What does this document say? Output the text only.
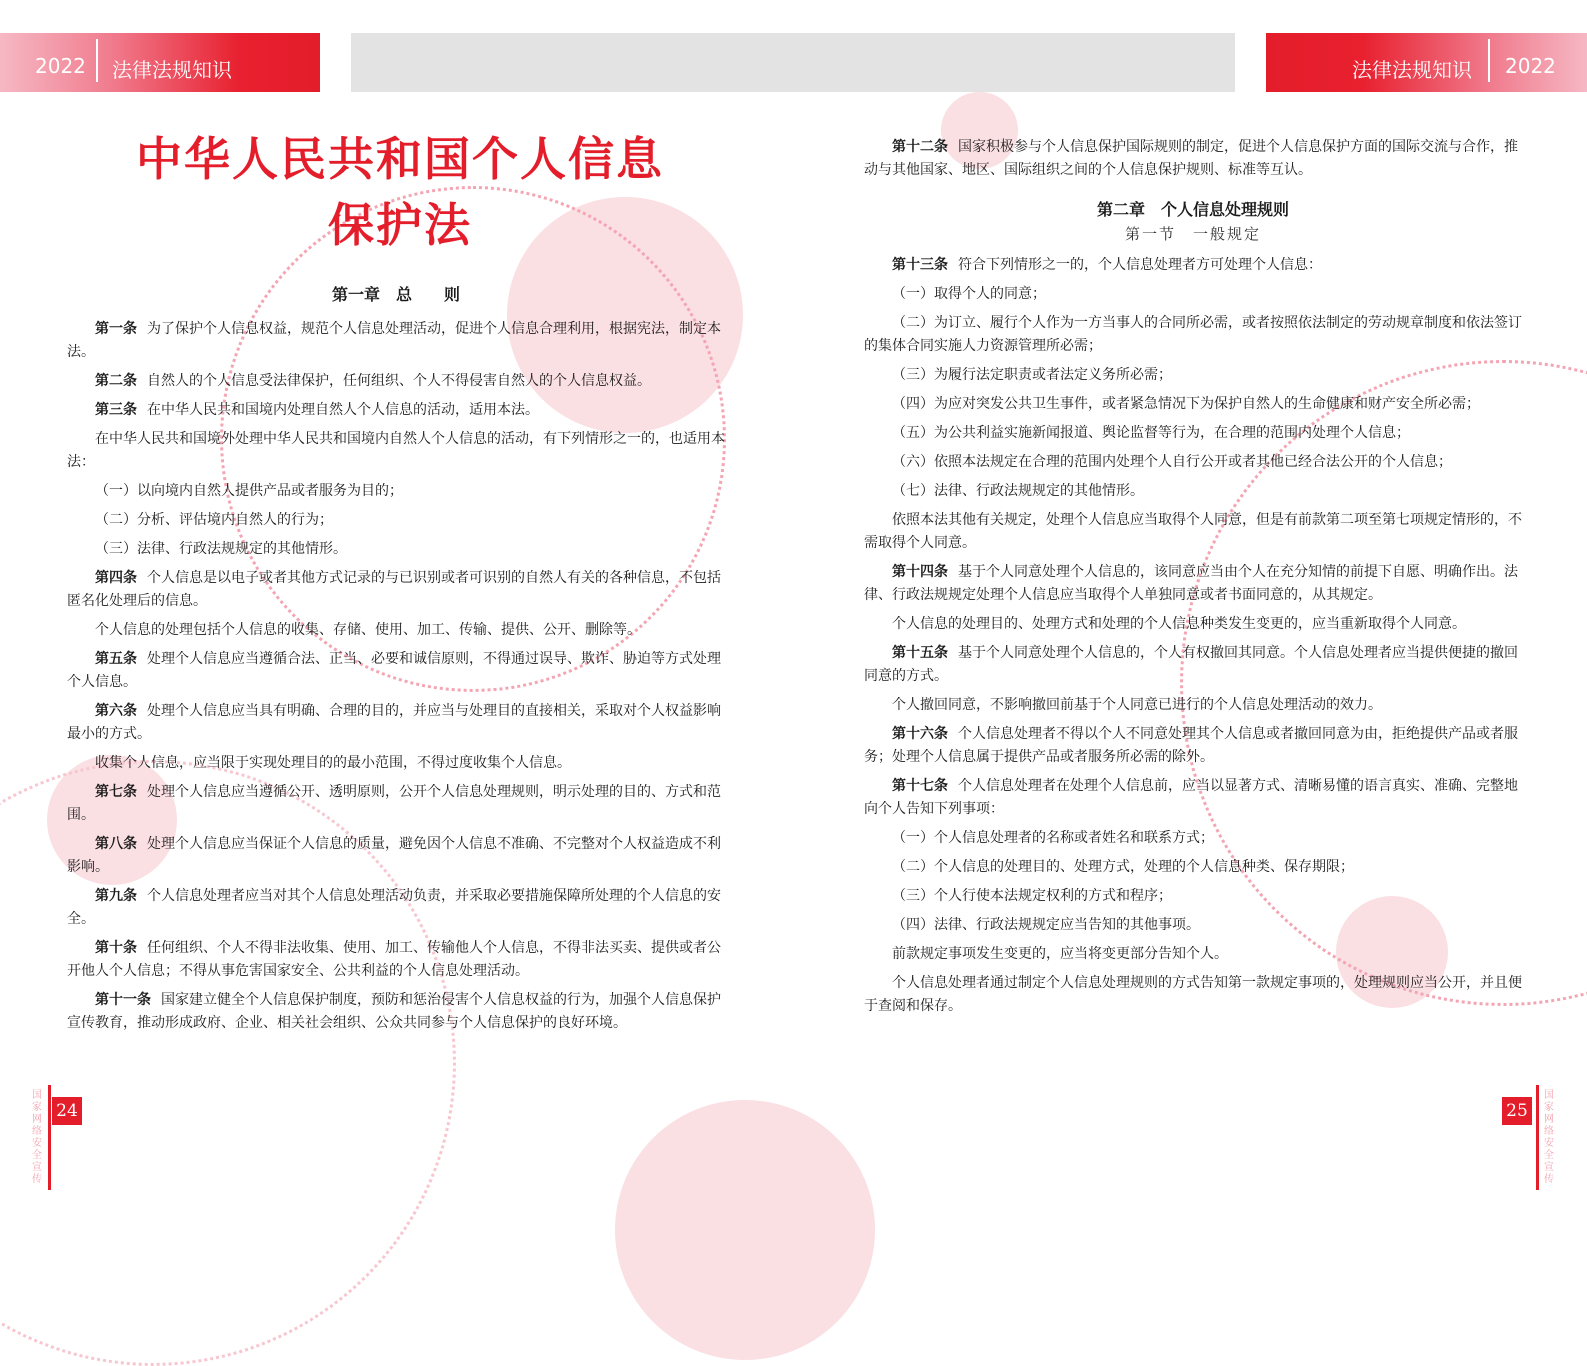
2022 法律法规知识	法律法规知识 2022
中华人民共和国个人信息
保护法
第一章　总　　则

第一条 为了保护个人信息权益，规范个人信息处理活动，促进个人信息合理利用，根据宪法，制定本法。

第二条 自然人的个人信息受法律保护，任何组织、个人不得侵害自然人的个人信息权益。

第三条 在中华人民共和国境内处理自然人个人信息的活动，适用本法。

在中华人民共和国境外处理中华人民共和国境内自然人个人信息的活动，有下列情形之一的，也适用本法：

（一）以向境内自然人提供产品或者服务为目的；

（二）分析、评估境内自然人的行为；

（三）法律、行政法规规定的其他情形。

第四条 个人信息是以电子或者其他方式记录的与已识别或者可识别的自然人有关的各种信息，不包括匿名化处理后的信息。

个人信息的处理包括个人信息的收集、存储、使用、加工、传输、提供、公开、删除等。

第五条 处理个人信息应当遵循合法、正当、必要和诚信原则，不得通过误导、欺诈、胁迫等方式处理个人信息。

第六条 处理个人信息应当具有明确、合理的目的，并应当与处理目的直接相关，采取对个人权益影响最小的方式。

收集个人信息，应当限于实现处理目的的最小范围，不得过度收集个人信息。

第七条 处理个人信息应当遵循公开、透明原则，公开个人信息处理规则，明示处理的目的、方式和范围。

第八条 处理个人信息应当保证个人信息的质量，避免因个人信息不准确、不完整对个人权益造成不利影响。

第九条 个人信息处理者应当对其个人信息处理活动负责，并采取必要措施保障所处理的个人信息的安全。

第十条 任何组织、个人不得非法收集、使用、加工、传输他人个人信息，不得非法买卖、提供或者公开他人个人信息；不得从事危害国家安全、公共利益的个人信息处理活动。

第十一条 国家建立健全个人信息保护制度，预防和惩治侵害个人信息权益的行为，加强个人信息保护宣传教育，推动形成政府、企业、相关社会组织、公众共同参与个人信息保护的良好环境。

第十二条 国家积极参与个人信息保护国际规则的制定，促进个人信息保护方面的国际交流与合作，推动与其他国家、地区、国际组织之间的个人信息保护规则、标准等互认。

第二章　个人信息处理规则
第一节　一般规定

第十三条 符合下列情形之一的，个人信息处理者方可处理个人信息：

（一）取得个人的同意；

（二）为订立、履行个人作为一方当事人的合同所必需，或者按照依法制定的劳动规章制度和依法签订的集体合同实施人力资源管理所必需；

（三）为履行法定职责或者法定义务所必需；

（四）为应对突发公共卫生事件，或者紧急情况下为保护自然人的生命健康和财产安全所必需；

（五）为公共利益实施新闻报道、舆论监督等行为，在合理的范围内处理个人信息；

（六）依照本法规定在合理的范围内处理个人自行公开或者其他已经合法公开的个人信息；

（七）法律、行政法规规定的其他情形。

依照本法其他有关规定，处理个人信息应当取得个人同意，但是有前款第二项至第七项规定情形的，不需取得个人同意。

第十四条 基于个人同意处理个人信息的，该同意应当由个人在充分知情的前提下自愿、明确作出。法律、行政法规规定处理个人信息应当取得个人单独同意或者书面同意的，从其规定。

个人信息的处理目的、处理方式和处理的个人信息种类发生变更的，应当重新取得个人同意。

第十五条 基于个人同意处理个人信息的，个人有权撤回其同意。个人信息处理者应当提供便捷的撤回同意的方式。

个人撤回同意，不影响撤回前基于个人同意已进行的个人信息处理活动的效力。

第十六条 个人信息处理者不得以个人不同意处理其个人信息或者撤回同意为由，拒绝提供产品或者服务；处理个人信息属于提供产品或者服务所必需的除外。

第十七条 个人信息处理者在处理个人信息前，应当以显著方式、清晰易懂的语言真实、准确、完整地向个人告知下列事项：

（一）个人信息处理者的名称或者姓名和联系方式；

（二）个人信息的处理目的、处理方式，处理的个人信息种类、保存期限；

（三）个人行使本法规定权利的方式和程序；

（四）法律、行政法规规定应当告知的其他事项。

前款规定事项发生变更的，应当将变更部分告知个人。

个人信息处理者通过制定个人信息处理规则的方式告知第一款规定事项的，处理规则应当公开，并且便于查阅和保存。

24
国家网络安全宣传
25
国家网络安全宣传
